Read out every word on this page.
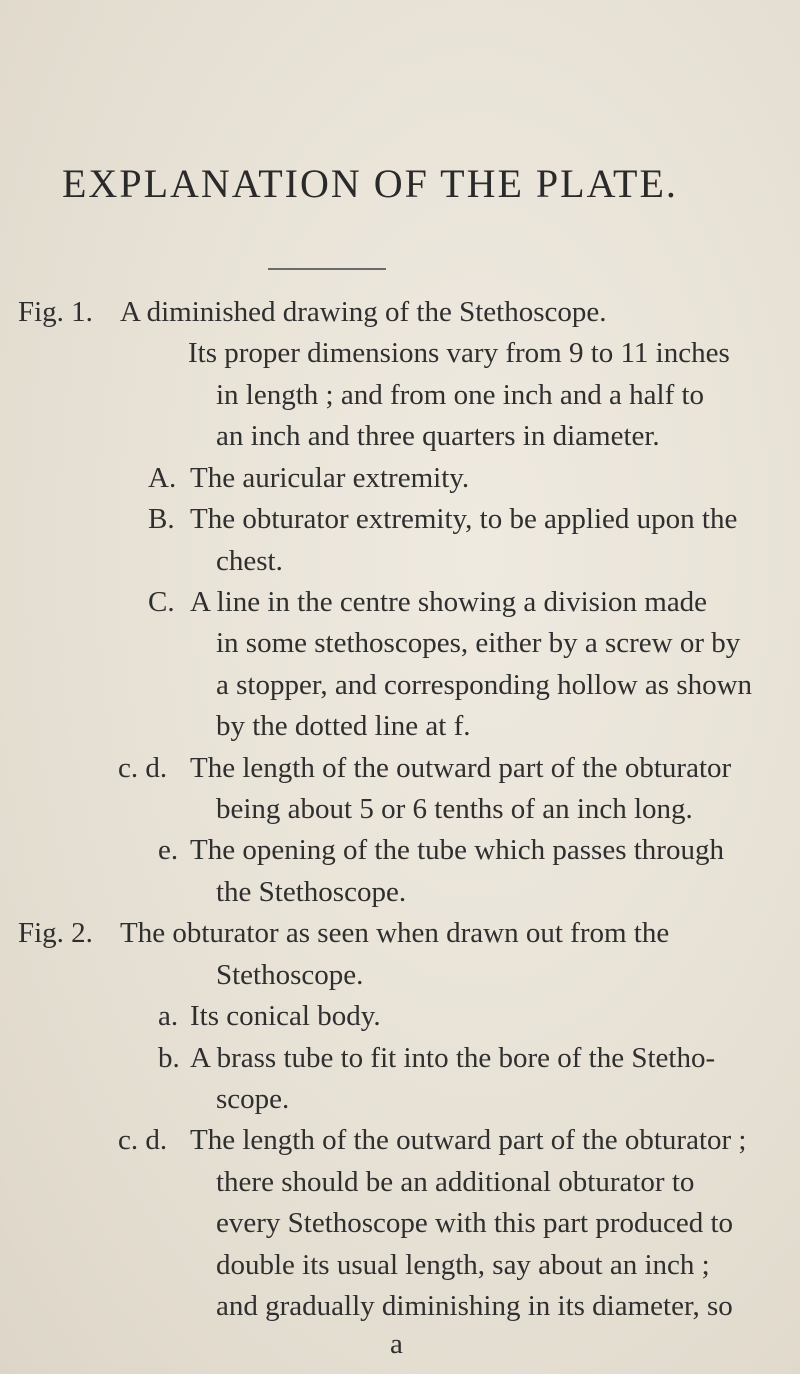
EXPLANATION OF THE PLATE.
Fig. 1. A diminished drawing of the Stethoscope.
Its proper dimensions vary from 9 to 11 inches
in length ; and from one inch and a half to
an inch and three quarters in diameter.
A. The auricular extremity.
B. The obturator extremity, to be applied upon the
chest.
C. A line in the centre showing a division made
in some stethoscopes, either by a screw or by
a stopper, and corresponding hollow as shown
by the dotted line at f.
c. d. The length of the outward part of the obturator
being about 5 or 6 tenths of an inch long.
e. The opening of the tube which passes through
the Stethoscope.
Fig. 2. The obturator as seen when drawn out from the
Stethoscope.
a. Its conical body.
b. A brass tube to fit into the bore of the Stetho-
scope.
c. d. The length of the outward part of the obturator ;
there should be an additional obturator to
every Stethoscope with this part produced to
double its usual length, say about an inch ;
and gradually diminishing in its diameter, so
a
